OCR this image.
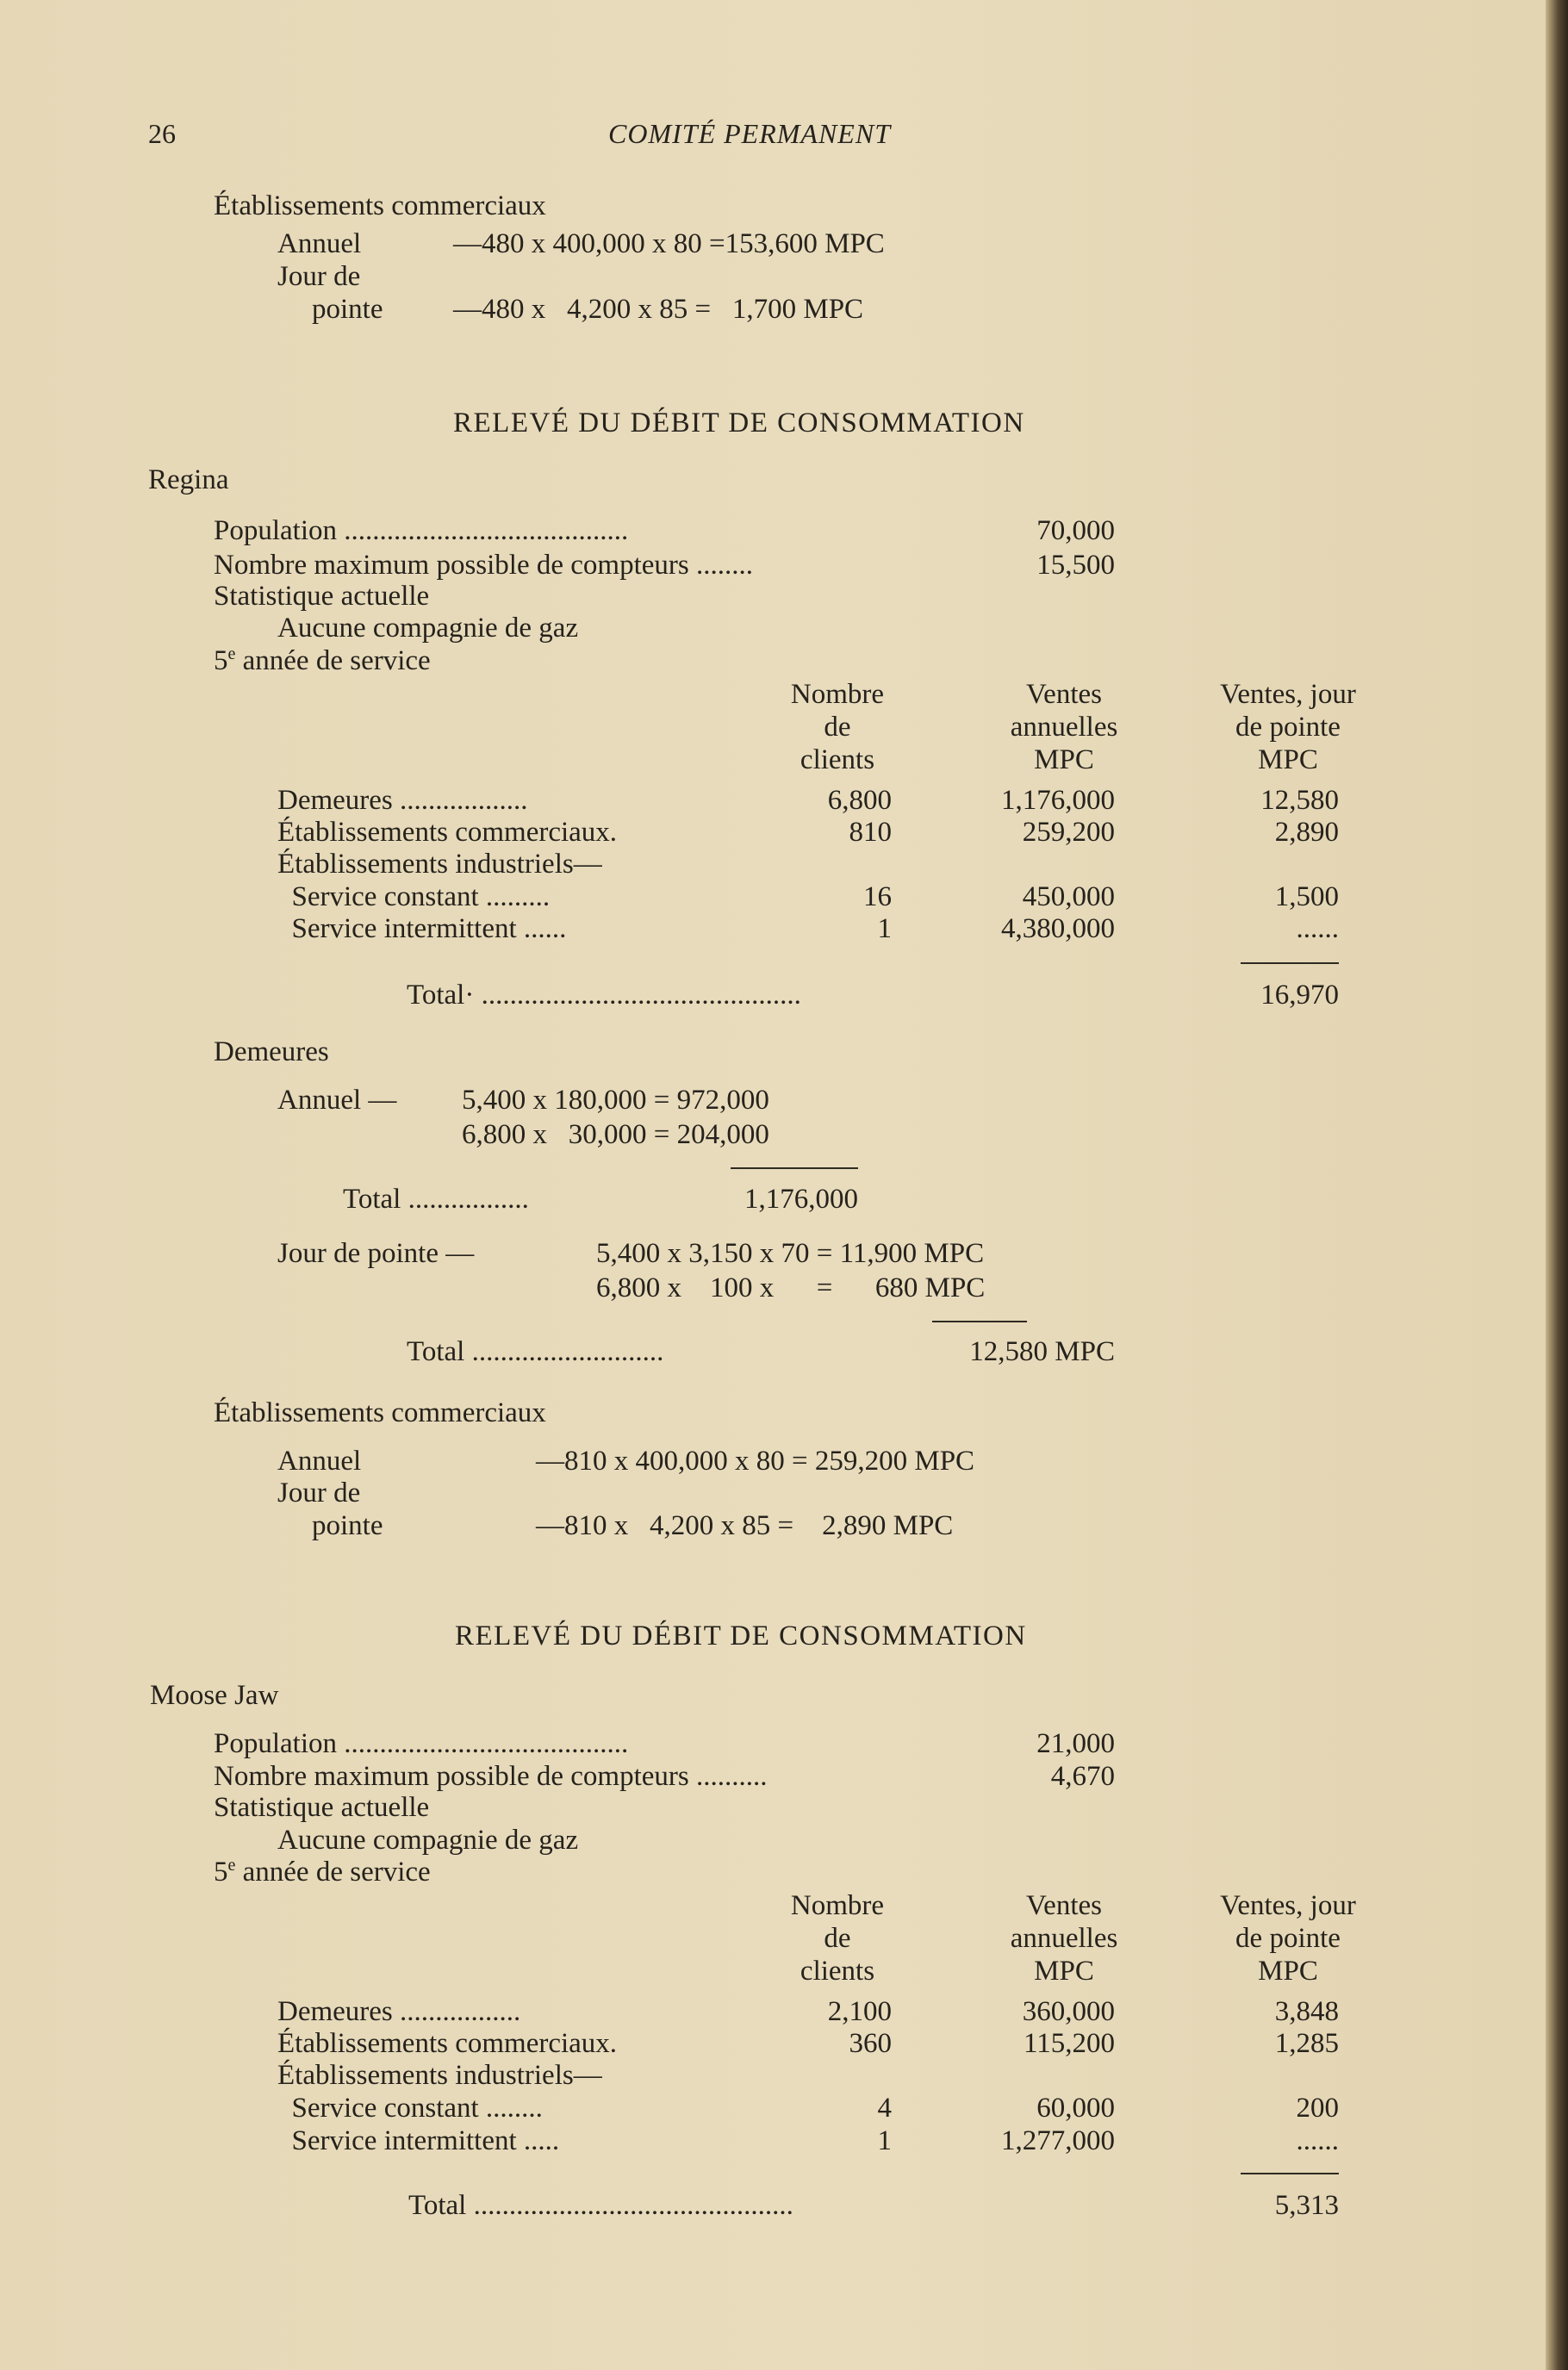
26	COMITÉ PERMANENT
Établissements commerciaux
Annuel	—480 x 400,000 x 80 =153,600 MPC
Jour de
pointe —480 x   4,200 x 85 =   1,700 MPC
RELEVÉ DU DÉBIT DE CONSOMMATION
Regina
Population ........................................	70,000
Nombre maximum possible de compteurs ........	15,500
Statistique actuelle
Aucune compagnie de gaz
5e année de service
Nombre
de
clients
Ventes
annuelles
MPC
Ventes, jour
de pointe
MPC
Demeures ..................	6,800	1,176,000	12,580
Établissements commerciaux.	810	259,200	2,890
Établissements industriels—
Service constant .........	16	450,000	1,500
Service intermittent ......	1	4,380,000	......
Total· .............................................	16,970
Demeures
Annuel — 5,400 x 180,000 = 972,000
6,800 x   30,000 = 204,000
Total .................	1,176,000
Jour de pointe —	5,400 x 3,150 x 70 = 11,900 MPC
6,800 x    100 x      =      680 MPC
Total ...........................	12,580 MPC
Établissements commerciaux
Annuel	—810 x 400,000 x 80 = 259,200 MPC
Jour de
pointe	—810 x   4,200 x 85 =    2,890 MPC
RELEVÉ DU DÉBIT DE CONSOMMATION
Moose Jaw
Population ........................................	21,000
Nombre maximum possible de compteurs ..........	4,670
Statistique actuelle
Aucune compagnie de gaz
5e année de service
Nombre
de
clients
Ventes
annuelles
MPC
Ventes, jour
de pointe
MPC
Demeures .................	2,100	360,000	3,848
Établissements commerciaux.	360	115,200	1,285
Établissements industriels—
Service constant ........	4	60,000	200
Service intermittent .....	1	1,277,000	......
Total .............................................	5,313
